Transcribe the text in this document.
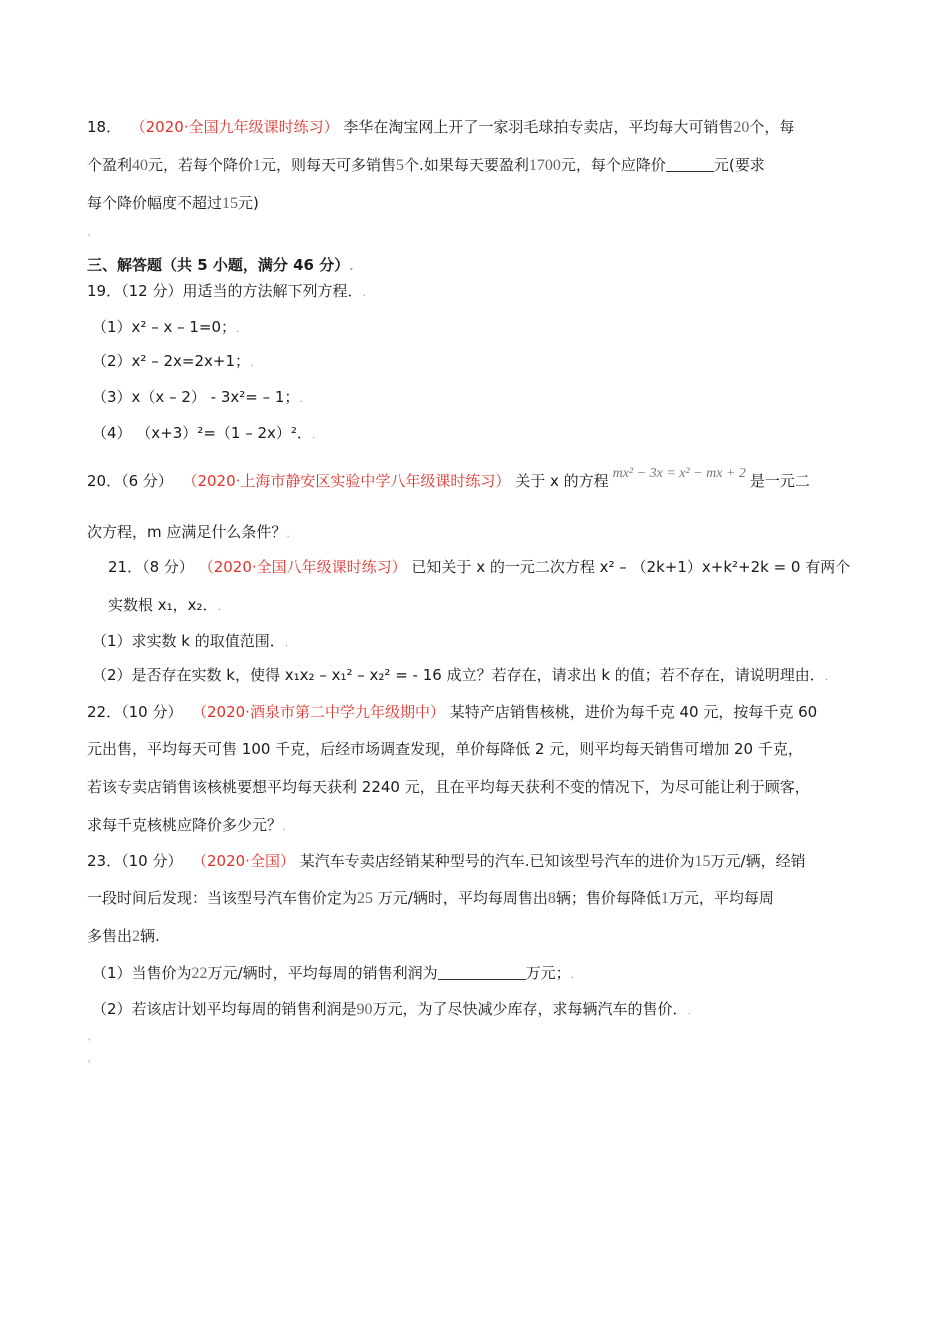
18． （2020·全国九年级课时练习） 李华在淘宝网上开了一家羽毛球拍专卖店，平均每大可销售20个，每
个盈利40元，若每个降价1元，则每天可多销售5个.如果每天要盈利1700元，每个应降价	元(要求
每个降价幅度不超过15元)
ˎ
三、解答题（共 5 小题，满分 46 分）.
19．（12 分）用适当的方法解下列方程．.
（1）x² – x – 1=0；.
（2）x² – 2x=2x+1；.
（3）x（x – 2） - 3x²= – 1；.
（4） （x+3）²=（1 – 2x）²．.
20．（6 分） （2020·上海市静安区实验中学八年级课时练习） 关于 x 的方程 mx² − 3x = x² − mx + 2 是一元二
次方程，m 应满足什么条件？.
21．（8 分） （2020·全国八年级课时练习） 已知关于 x 的一元二次方程 x² – （2k+1）x+k²+2k = 0 有两个
实数根 x₁，x₂．.
（1）求实数 k 的取值范围．.
（2）是否存在实数 k，使得 x₁x₂ – x₁² – x₂² = - 16 成立？若存在，请求出 k 的值；若不存在，请说明理由．.
22．（10 分） （2020·酒泉市第二中学九年级期中） 某特产店销售核桃，进价为每千克 40 元，按每千克 60
元出售，平均每天可售 100 千克，后经市场调查发现，单价每降低 2 元，则平均每天销售可增加 20 千克，
若该专卖店销售该核桃要想平均每天获利 2240 元，且在平均每天获利不变的情况下，为尽可能让利于顾客，
求每千克核桃应降价多少元？.
23．（10 分） （2020·全国） 某汽车专卖店经销某种型号的汽车.已知该型号汽车的进价为15万元/辆，经销
一段时间后发现：当该型号汽车售价定为25 万元/辆时，平均每周售出8辆；售价每降低1万元，平均每周
多售出2辆.
（1）当售价为22万元/辆时，平均每周的销售利润为	万元；.
（2）若该店计划平均每周的销售利润是90万元，为了尽快减少库存，求每辆汽车的售价．.
ˎ
ˎ
